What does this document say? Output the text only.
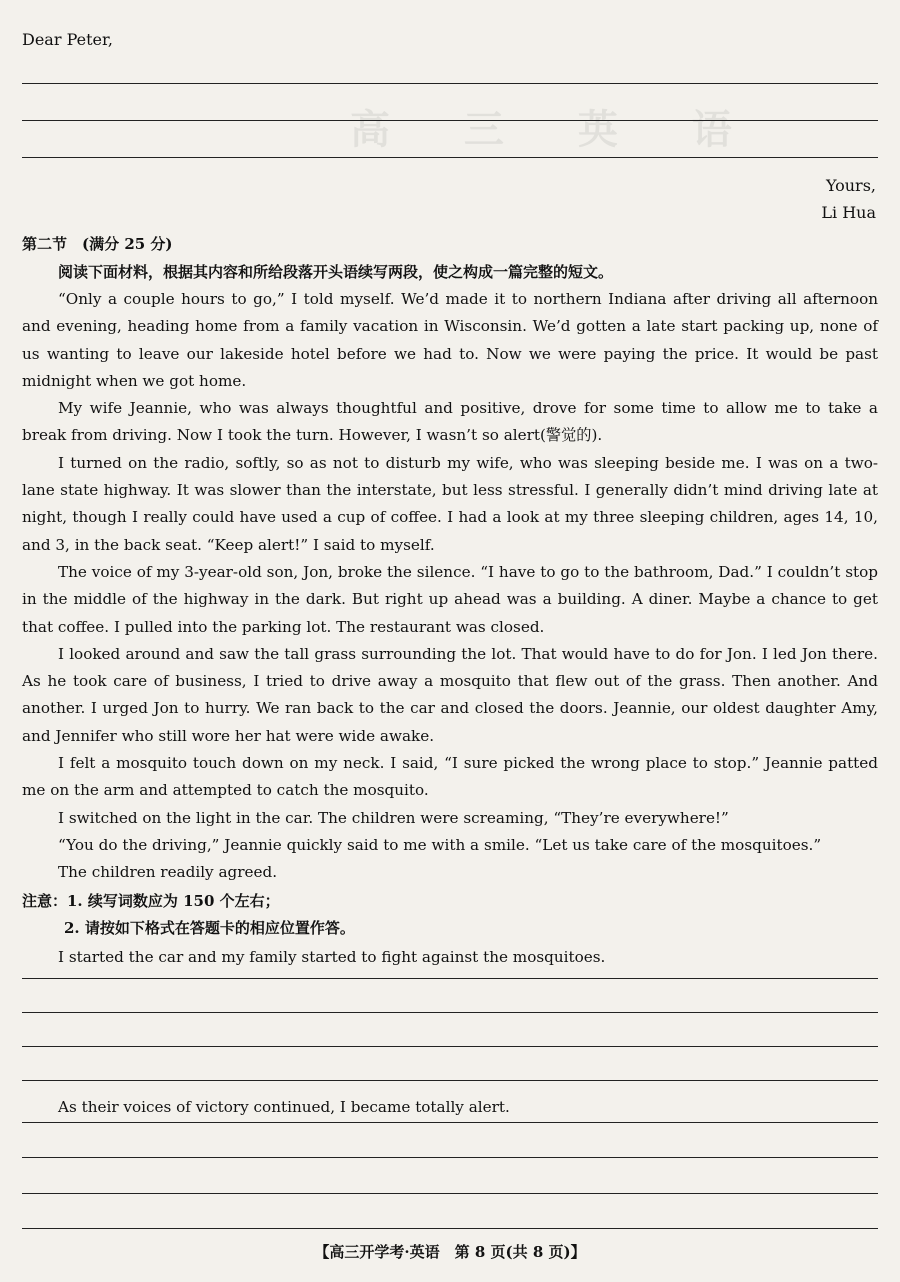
高 三 英 语
Dear Peter,
Yours,
Li Hua
第二节　(满分 25 分)
阅读下面材料，根据其内容和所给段落开头语续写两段，使之构成一篇完整的短文。

“Only a couple hours to go,” I told myself. We’d made it to northern Indiana after driving all afternoon and evening, heading home from a family vacation in Wisconsin. We’d gotten a late start packing up, none of us wanting to leave our lakeside hotel before we had to. Now we were paying the price. It would be past midnight when we got home.

My wife Jeannie, who was always thoughtful and positive, drove for some time to allow me to take a break from driving. Now I took the turn. However, I wasn’t so alert(警觉的).

I turned on the radio, softly, so as not to disturb my wife, who was sleeping beside me. I was on a two-lane state highway. It was slower than the interstate, but less stressful. I generally didn’t mind driving late at night, though I really could have used a cup of coffee. I had a look at my three sleeping children, ages 14, 10, and 3, in the back seat. “Keep alert!” I said to myself.

The voice of my 3-year-old son, Jon, broke the silence. “I have to go to the bathroom, Dad.” I couldn’t stop in the middle of the highway in the dark. But right up ahead was a building. A diner. Maybe a chance to get that coffee. I pulled into the parking lot. The restaurant was closed.

I looked around and saw the tall grass surrounding the lot. That would have to do for Jon. I led Jon there. As he took care of business, I tried to drive away a mosquito that flew out of the grass. Then another. And another. I urged Jon to hurry. We ran back to the car and closed the doors. Jeannie, our oldest daughter Amy, and Jennifer who still wore her hat were wide awake.

I felt a mosquito touch down on my neck. I said, “I sure picked the wrong place to stop.” Jeannie patted me on the arm and attempted to catch the mosquito.

I switched on the light in the car. The children were screaming, “They’re everywhere!”

“You do the driving,” Jeannie quickly said to me with a smile. “Let us take care of the mosquitoes.”

The children readily agreed.

注意：1. 续写词数应为 150 个左右；
2. 请按如下格式在答题卡的相应位置作答。
I started the car and my family started to fight against the mosquitoes.
As their voices of victory continued, I became totally alert.
【高三开学考·英语　第 8 页(共 8 页)】
